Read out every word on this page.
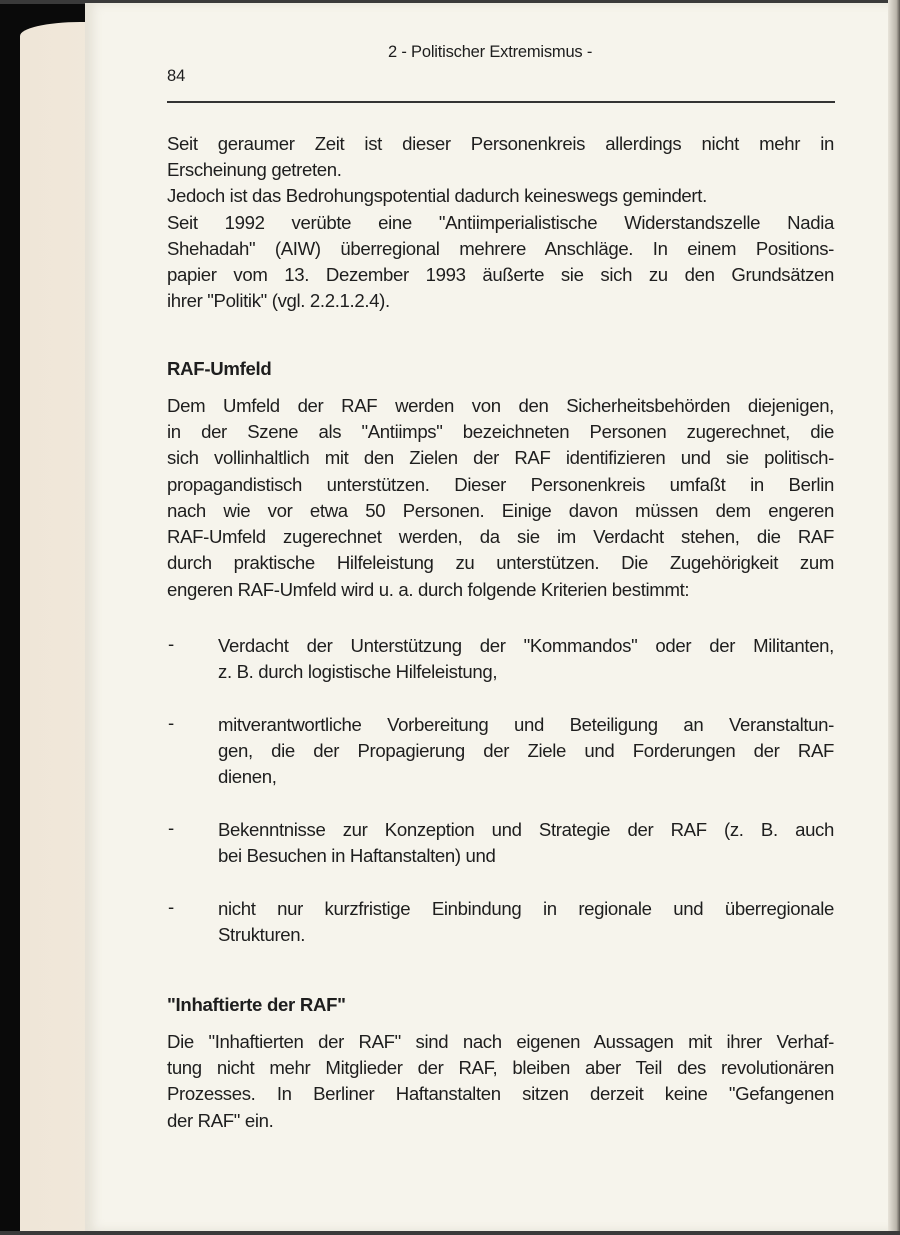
2 - Politischer Extremismus -
84
Seit geraumer Zeit ist dieser Personenkreis allerdings nicht mehr in
Erscheinung getreten.
Jedoch ist das Bedrohungspotential dadurch keineswegs gemindert.
Seit 1992 verübte eine "Antiimperialistische Widerstandszelle Nadia
Shehadah" (AIW) überregional mehrere Anschläge. In einem Positions-
papier vom 13. Dezember 1993 äußerte sie sich zu den Grundsätzen
ihrer "Politik" (vgl. 2.2.1.2.4).
RAF-Umfeld
Dem Umfeld der RAF werden von den Sicherheitsbehörden diejenigen,
in der Szene als "Antiimps" bezeichneten Personen zugerechnet, die
sich vollinhaltlich mit den Zielen der RAF identifizieren und sie politisch-
propagandistisch unterstützen. Dieser Personenkreis umfaßt in Berlin
nach wie vor etwa 50 Personen. Einige davon müssen dem engeren
RAF-Umfeld zugerechnet werden, da sie im Verdacht stehen, die RAF
durch praktische Hilfeleistung zu unterstützen. Die Zugehörigkeit zum
engeren RAF-Umfeld wird u. a. durch folgende Kriterien bestimmt:
- Verdacht der Unterstützung der "Kommandos" oder der Militanten,
z. B. durch logistische Hilfeleistung,
- mitverantwortliche Vorbereitung und Beteiligung an Veranstaltun-
gen, die der Propagierung der Ziele und Forderungen der RAF
dienen,
- Bekenntnisse zur Konzeption und Strategie der RAF (z. B. auch
bei Besuchen in Haftanstalten) und
- nicht nur kurzfristige Einbindung in regionale und überregionale
Strukturen.
"Inhaftierte der RAF"
Die "Inhaftierten der RAF" sind nach eigenen Aussagen mit ihrer Verhaf-
tung nicht mehr Mitglieder der RAF, bleiben aber Teil des revolutionären
Prozesses. In Berliner Haftanstalten sitzen derzeit keine "Gefangenen
der RAF" ein.
